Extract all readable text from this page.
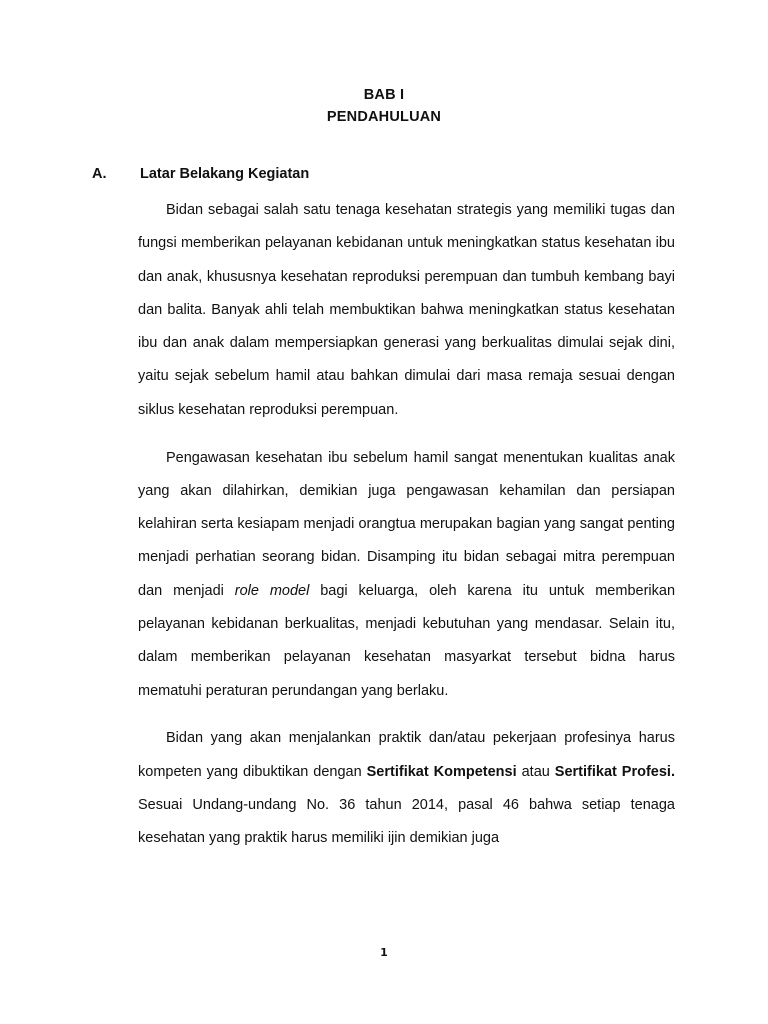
BAB I
PENDAHULUAN
A. Latar Belakang Kegiatan

Bidan sebagai salah satu tenaga kesehatan strategis yang memiliki tugas dan fungsi memberikan pelayanan kebidanan untuk meningkatkan status kesehatan ibu dan anak, khususnya kesehatan reproduksi perempuan dan tumbuh kembang bayi dan balita. Banyak ahli telah membuktikan bahwa meningkatkan status kesehatan ibu dan anak dalam mempersiapkan generasi yang berkualitas dimulai sejak dini, yaitu sejak sebelum hamil atau bahkan dimulai dari masa remaja sesuai dengan siklus kesehatan reproduksi perempuan.

Pengawasan kesehatan ibu sebelum hamil sangat menentukan kualitas anak yang akan dilahirkan, demikian juga pengawasan kehamilan dan persiapan kelahiran serta kesiapam menjadi orangtua merupakan bagian yang sangat penting menjadi perhatian seorang bidan. Disamping itu bidan sebagai mitra perempuan dan menjadi role model bagi keluarga, oleh karena itu untuk memberikan pelayanan kebidanan berkualitas, menjadi kebutuhan yang mendasar. Selain itu, dalam memberikan pelayanan kesehatan masyarkat tersebut bidna harus mematuhi peraturan perundangan yang berlaku.

Bidan yang akan menjalankan praktik dan/atau pekerjaan profesinya harus kompeten yang dibuktikan dengan Sertifikat Kompetensi atau Sertifikat Profesi. Sesuai Undang-undang No. 36 tahun 2014, pasal 46 bahwa setiap tenaga kesehatan yang praktik harus memiliki ijin demikian juga

1
